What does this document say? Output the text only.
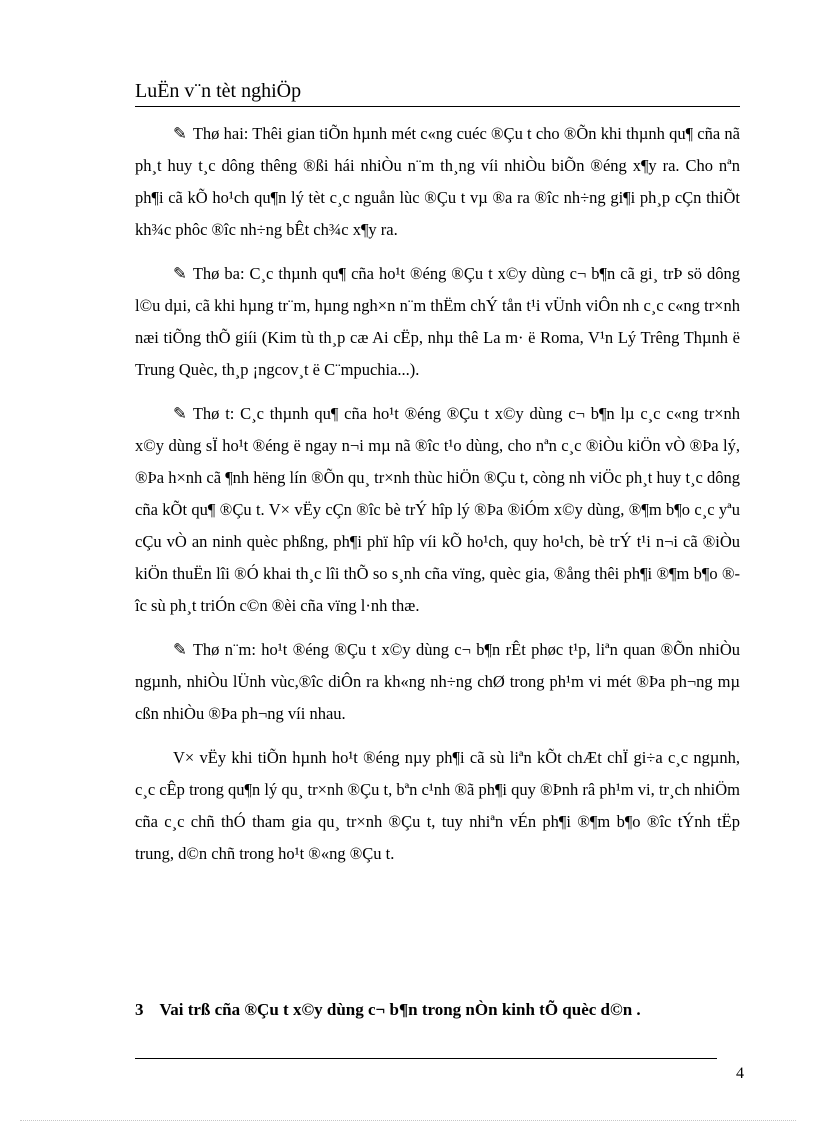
LuËn v¨n tèt nghiÖp

✎ Thø hai: Thêi gian tiÕn hµnh mét c«ng cuéc ®Çu t cho ®Õn khi thµnh qu¶ cña nã ph¸t huy t¸c dông thêng ®ßi hái nhiÒu n¨m th¸ng víi nhiÒu biÕn ®éng x¶y ra. Cho nªn ph¶i cã kÕ ho¹ch qu¶n lý tèt c¸c nguån lùc ®Çu t vµ ®a ra ®îc nh÷ng gi¶i ph¸p cÇn thiÕt kh¾c phôc ®îc nh÷ng bÊt ch¾c x¶y ra.

✎ Thø ba: C¸c thµnh qu¶ cña ho¹t ®éng ®Çu t x©y dùng c¬ b¶n cã gi¸ trÞ sö dông l©u dµi, cã khi hµng tr¨m, hµng ngh×n n¨m thËm chÝ tån t¹i vÜnh viÔn nh c¸c c«ng tr×nh næi tiÕng thÕ giíi (Kim tù th¸p cæ Ai cËp, nhµ thê La m· ë Roma, V¹n Lý Trêng Thµnh ë Trung Quèc, th¸p ¡ngcov¸t ë C¨mpuchia...).

✎ Thø t: C¸c thµnh qu¶ cña ho¹t ®éng ®Çu t x©y dùng c¬ b¶n lµ c¸c c«ng tr×nh x©y dùng sÏ ho¹t ®éng ë ngay n¬i mµ nã ®îc t¹o dùng, cho nªn c¸c ®iÒu kiÖn vÒ ®Þa lý, ®Þa h×nh cã ¶nh hëng lín ®Õn qu¸ tr×nh thùc hiÖn ®Çu t, còng nh viÖc ph¸t huy t¸c dông cña kÕt qu¶ ®Çu t. V× vËy cÇn ®îc bè trÝ hîp lý ®Þa ®iÓm x©y dùng, ®¶m b¶o c¸c yªu cÇu vÒ an ninh quèc phßng, ph¶i phï hîp víi kÕ ho¹ch, quy ho¹ch, bè trÝ t¹i n¬i cã ®iÒu kiÖn thuËn lîi ®Ó khai th¸c lîi thÕ so s¸nh cña vïng, quèc gia, ®ång thêi ph¶i ®¶m b¶o ®îc sù ph¸t triÓn c©n ®èi cña vïng l·nh thæ.

✎ Thø n¨m: ho¹t ®éng ®Çu t x©y dùng c¬ b¶n rÊt phøc t¹p, liªn quan ®Õn nhiÒu ngµnh, nhiÒu lÜnh vùc,®îc diÔn ra kh«ng nh÷ng chØ trong ph¹m vi mét ®Þa ph¬ng mµ cßn nhiÒu ®Þa ph¬ng víi nhau.

V× vËy khi tiÕn hµnh ho¹t ®éng nµy ph¶i cã sù liªn kÕt chÆt chÏ gi÷a c¸c ngµnh, c¸c cÊp trong qu¶n lý qu¸ tr×nh ®Çu t, bªn c¹nh ®ã ph¶i quy ®Þnh râ ph¹m vi, tr¸ch nhiÖm cña c¸c chñ thÓ tham gia qu¸ tr×nh ®Çu t, tuy nhiªn vÉn ph¶i ®¶m b¶o ®îc tÝnh tËp trung, d©n chñ trong ho¹t ®«ng ®Çu t.

3 Vai trß cña ®Çu t x©y dùng c¬ b¶n trong nÒn kinh tÕ quèc d©n .
4
